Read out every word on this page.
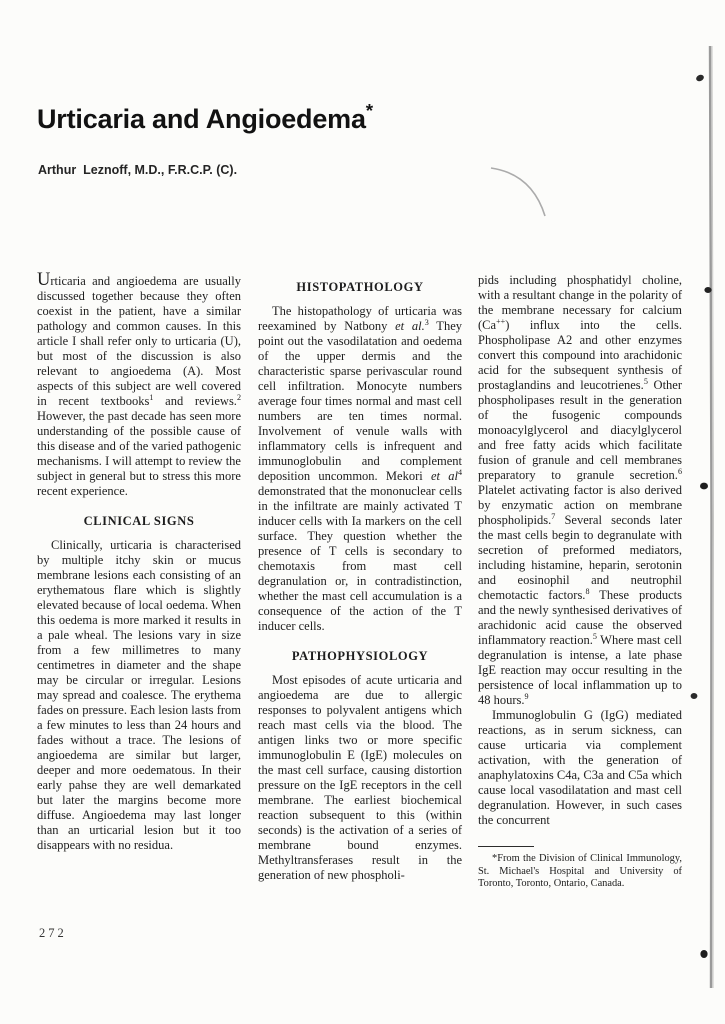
Urticaria and Angioedema*

Arthur  Leznoff, M.D., F.R.C.P. (C).

Urticaria and angioedema are usually discussed together because they often coexist in the patient, have a similar pathology and common causes. In this article I shall refer only to urticaria (U), but most of the discussion is also relevant to angioedema (A). Most aspects of this subject are well covered in recent textbooks$^1$ and reviews.$^2$ However, the past decade has seen more understanding of the possible cause of this disease and of the varied pathogenic mechanisms. I will attempt to review the subject in general but to stress this more recent experience.

CLINICAL SIGNS

Clinically, urticaria is characterised by multiple itchy skin or mucus membrane lesions each consisting of an erythematous flare which is slightly elevated because of local oedema. When this oedema is more marked it results in a pale wheal. The lesions vary in size from a few millimetres to many centimetres in diameter and the shape may be circular or irregular. Lesions may spread and coalesce. The erythema fades on pressure. Each lesion lasts from a few minutes to less than 24 hours and fades without a trace. The lesions of angioedema are similar but larger, deeper and more oedematous. In their early pahse they are well demarkated but later the margins become more diffuse. Angioedema may last longer than an urticarial lesion but it too disappears with no residua.

HISTOPATHOLOGY

The histopathology of urticaria was reexamined by Natbony et al.$^3$ They point out the vasodilatation and oedema of the upper dermis and the characteristic sparse perivascular round cell infiltration. Monocyte numbers average four times normal and mast cell numbers are ten times normal. Involvement of venule walls with inflammatory cells is infrequent and immunoglobulin and complement deposition uncommon. Mekori et $al^4$ demonstrated that the mononuclear cells in the infiltrate are mainly activated T inducer cells with Ia markers on the cell surface. They question whether the presence of T cells is secondary to chemotaxis from mast cell degranulation or, in contradistinction, whether the mast cell accumulation is a consequence of the action of the T inducer cells.

PATHOPHYSIOLOGY

Most episodes of acute urticaria and angioedema are due to allergic responses to polyvalent antigens which reach mast cells via the blood. The antigen links two or more specific immunoglobulin E (IgE) molecules on the mast cell surface, causing distortion pressure on the IgE receptors in the cell membrane. The earliest biochemical reaction subsequent to this (within seconds) is the activation of a series of membrane bound enzymes. Methyltransferases result in the generation of new phospholi-

pids including phosphatidyl choline, with a resultant change in the polarity of the membrane necessary for calcium (Ca++) influx into the cells. Phospholipase A2 and other enzymes convert this compound into arachidonic acid for the subsequent synthesis of prostaglandins and leucotrienes.$^5$ Other phospholipases result in the generation of the fusogenic compounds monoacylglycerol and diacylglycerol and free fatty acids which facilitate fusion of granule and cell membranes preparatory to granule secretion.$^6$ Platelet activating factor is also derived by enzymatic action on membrane phospholipids.$^7$ Several seconds later the mast cells begin to degranulate with secretion of preformed mediators, including histamine, heparin, serotonin and eosinophil and neutrophil chemotactic factors.$^8$ These products and the newly synthesised derivatives of arachidonic acid cause the observed inflammatory reaction.$^5$ Where mast cell degranulation is intense, a late phase IgE reaction may occur resulting in the persistence of local inflammation up to 48 hours.$^9$

Immunoglobulin G (IgG) mediated reactions, as in serum sickness, can cause urticaria via complement activation, with the generation of anaphylatoxins C4a, C3a and C5a which cause local vasodilatation and mast cell degranulation. However, in such cases the concurrent

*From the Division of Clinical Immunology, St. Michael's Hospital and University of Toronto, Toronto, Ontario, Canada.

272
